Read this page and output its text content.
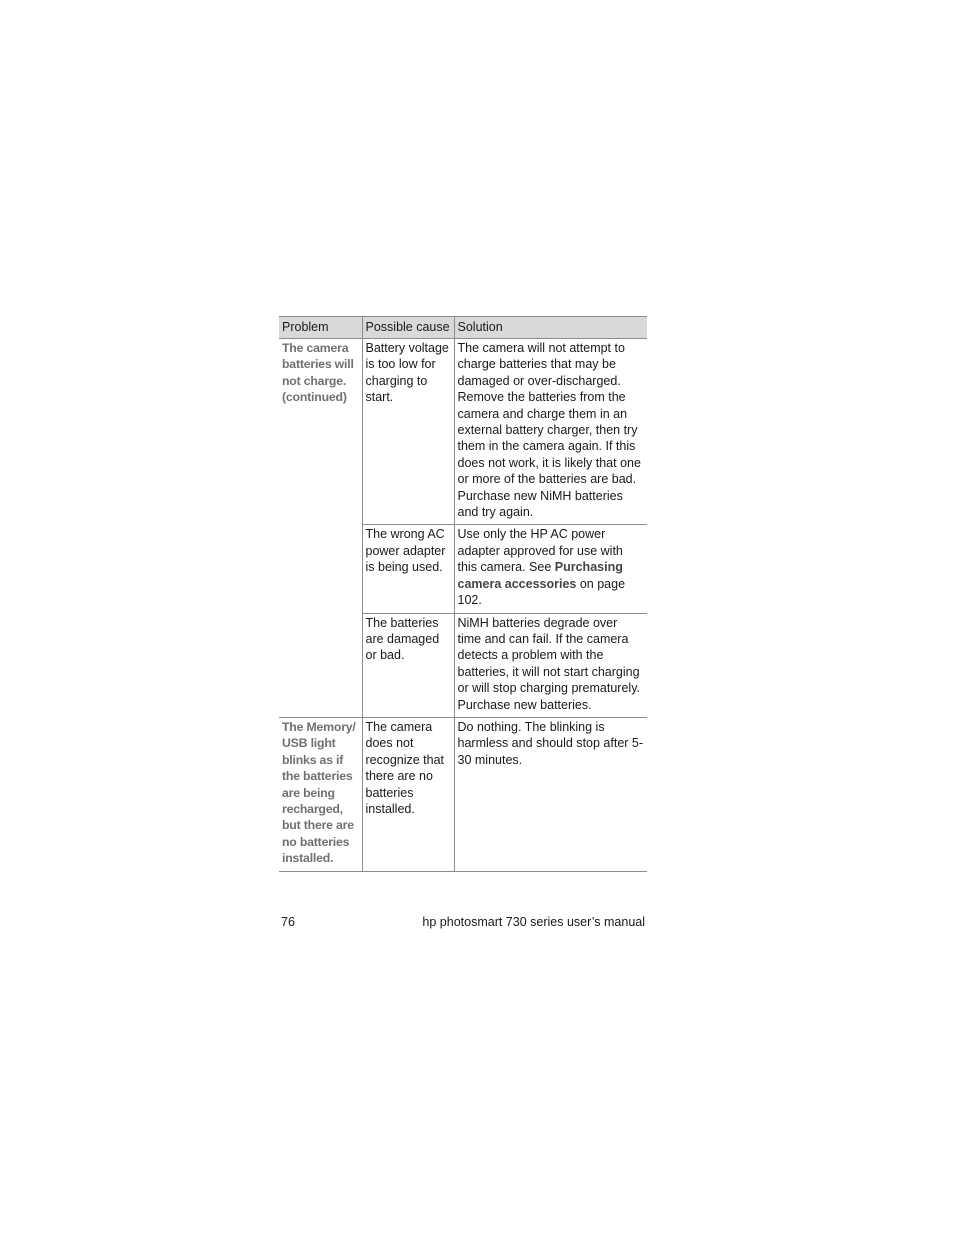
Problem	Possible cause	Solution
The camera batteries will not charge. (continued)	Battery voltage is too low for charging to start.	The camera will not attempt to charge batteries that may be damaged or over-discharged. Remove the batteries from the camera and charge them in an external battery charger, then try them in the camera again. If this does not work, it is likely that one or more of the batteries are bad. Purchase new NiMH batteries and try again.
	The wrong AC power adapter is being used.	Use only the HP AC power adapter approved for use with this camera. See Purchasing camera accessories on page 102.
	The batteries are damaged or bad.	NiMH batteries degrade over time and can fail. If the camera detects a problem with the batteries, it will not start charging or will stop charging prematurely. Purchase new batteries.
The Memory/ USB light blinks as if the batteries are being recharged, but there are no batteries installed.	The camera does not recognize that there are no batteries installed.	Do nothing. The blinking is harmless and should stop after 5-30 minutes.
76	hp photosmart 730 series user’s manual
